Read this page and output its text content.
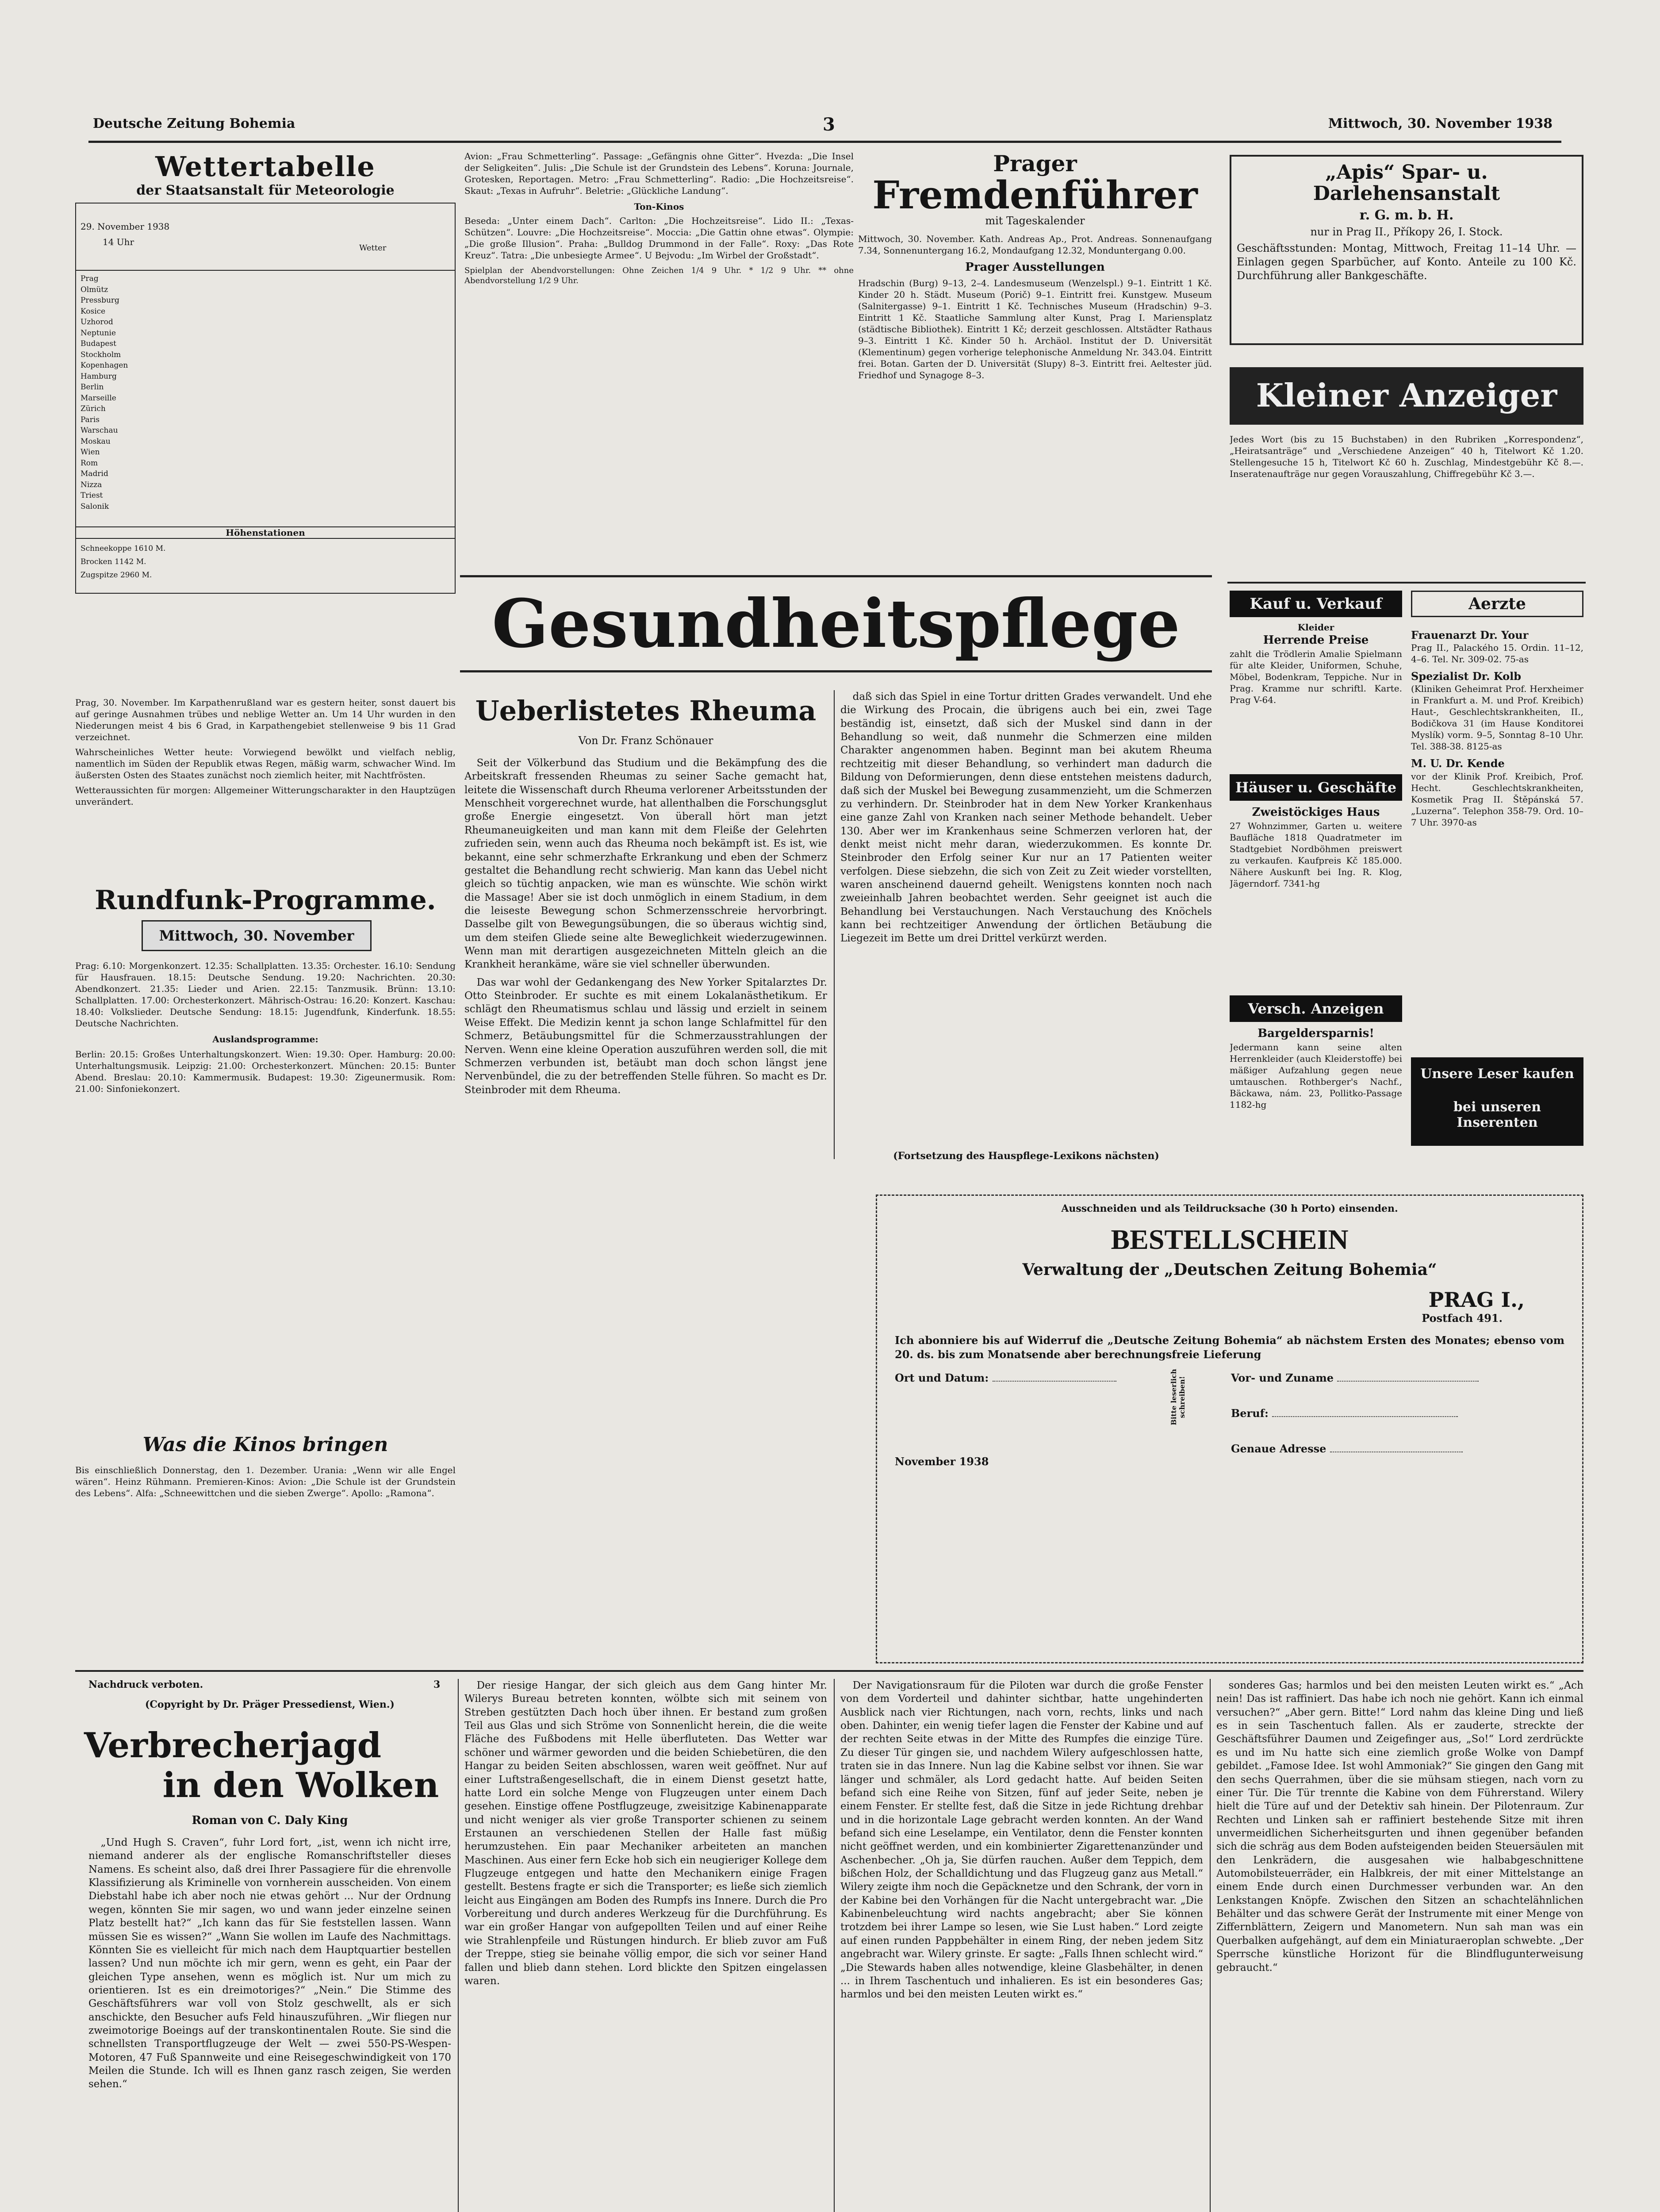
Deutsche Zeitung Bohemia	3	Mittwoch, 30. November 1938
Wettertabelle
der Staatsanstalt für Meteorologie
29. November 1938
14 Uhr
Wetter
Prag
Olmütz
Pressburg
Kosice
Uzhorod
Neptunie
Budapest
Stockholm
Kopenhagen
Hamburg
Berlin
Marseille
Zürich
Paris
Warschau
Moskau
Wien
Rom
Madrid
Nizza
Triest
Salonik
Höhenstationen
Schneekoppe 1610 M.
Brocken 1142 M.
Zugspitze 2960 M.

Prag, 30. November. Im Karpathenrußland war es gestern heiter, sonst dauert bis auf geringe Ausnahmen trübes und neblige Wetter an. Um 14 Uhr wurden in den Niederungen meist 4 bis 6 Grad, in Karpathengebiet stellenweise 9 bis 11 Grad verzeichnet.

Wahrscheinliches Wetter heute: Vorwiegend bewölkt und vielfach neblig, namentlich im Süden der Republik etwas Regen, mäßig warm, schwacher Wind. Im äußersten Osten des Staates zunächst noch ziemlich heiter, mit Nachtfrösten.

Wetteraussichten für morgen: Allgemeiner Witterungscharakter in den Hauptzügen unverändert.

Rundfunk-Programme.
Mittwoch, 30. November

Prag: 6.10: Morgenkonzert. 12.35: Schallplatten. 13.35: Orchester. 16.10: Sendung für Hausfrauen. 18.15: Deutsche Sendung. 19.20: Nachrichten. 20.30: Abendkonzert. 21.35: Lieder und Arien. 22.15: Tanzmusik. Brünn: 13.10: Schallplatten. 17.00: Orchesterkonzert. Mährisch-Ostrau: 16.20: Konzert. Kaschau: 18.40: Volkslieder. Deutsche Sendung: 18.15: Jugendfunk, Kinderfunk. 18.55: Deutsche Nachrichten.

Auslandsprogramme:

Berlin: 20.15: Großes Unterhaltungskonzert. Wien: 19.30: Oper. Hamburg: 20.00: Unterhaltungsmusik. Leipzig: 21.00: Orchesterkonzert. München: 20.15: Bunter Abend. Breslau: 20.10: Kammermusik. Budapest: 19.30: Zigeunermusik. Rom: 21.00: Sinfoniekonzert.

Was die Kinos bringen
Bis einschließlich Donnerstag, den 1. Dezember. Urania: „Wenn wir alle Engel wären“. Heinz Rühmann. Premieren-Kinos: Avion: „Die Schule ist der Grundstein des Lebens“. Alfa: „Schneewittchen und die sieben Zwerge“. Apollo: „Ramona“.

Avion: „Frau Schmetterling“. Passage: „Gefängnis ohne Gitter“. Hvezda: „Die Insel der Seligkeiten“. Julis: „Die Schule ist der Grundstein des Lebens“. Koruna: Journale, Grotesken, Reportagen. Metro: „Frau Schmetterling“. Radio: „Die Hochzeitsreise“. Skaut: „Texas in Aufruhr“. Beletrie: „Glückliche Landung“.

Ton-Kinos

Beseda: „Unter einem Dach“. Carlton: „Die Hochzeitsreise“. Lido II.: „Texas-Schützen“. Louvre: „Die Hochzeitsreise“. Moccia: „Die Gattin ohne etwas“. Olympie: „Die große Illusion“. Praha: „Bulldog Drummond in der Falle“. Roxy: „Das Rote Kreuz“. Tatra: „Die unbesiegte Armee“. U Bejvodu: „Im Wirbel der Großstadt“.

Spielplan der Abendvorstellungen: Ohne Zeichen 1/4 9 Uhr. * 1/2 9 Uhr. ** ohne Abendvorstellung 1/2 9 Uhr.

Prager
Fremdenführer
mit Tageskalender
Mittwoch, 30. November. Kath. Andreas Ap., Prot. Andreas. Sonnenaufgang 7.34, Sonnenuntergang 16.2, Mondaufgang 12.32, Monduntergang 0.00.
Prager Ausstellungen
Hradschin (Burg) 9–13, 2–4. Landesmuseum (Wenzelspl.) 9–1. Eintritt 1 Kč. Kinder 20 h. Städt. Museum (Porič) 9–1. Eintritt frei. Kunstgew. Museum (Salnitergasse) 9–1. Eintritt 1 Kč. Technisches Museum (Hradschin) 9–3. Eintritt 1 Kč. Staatliche Sammlung alter Kunst, Prag I. Mariensplatz (städtische Bibliothek). Eintritt 1 Kč; derzeit geschlossen. Altstädter Rathaus 9–3. Eintritt 1 Kč. Kinder 50 h. Archäol. Institut der D. Universität (Klementinum) gegen vorherige telephonische Anmeldung Nr. 343.04. Eintritt frei. Botan. Garten der D. Universität (Slupy) 8–3. Eintritt frei. Aeltester jüd. Friedhof und Synagoge 8–3.
„Apis“ Spar- u. Darlehensanstalt
r. G. m. b. H.
nur in Prag II., Příkopy 26, I. Stock.
Geschäftsstunden: Montag, Mittwoch, Freitag 11–14 Uhr. — Einlagen gegen Sparbücher, auf Konto. Anteile zu 100 Kč. Durchführung aller Bankgeschäfte.
Kleiner Anzeiger
Jedes Wort (bis zu 15 Buchstaben) in den Rubriken „Korrespondenz“, „Heiratsanträge“ und „Verschiedene Anzeigen“ 40 h, Titelwort Kč 1.20. Stellengesuche 15 h, Titelwort Kč 60 h. Zuschlag, Mindestgebühr Kč 8.—. Inseratenaufträge nur gegen Vorauszahlung, Chiffregebühr Kč 3.—.
Kauf u. Verkauf
Kleider
Herrende Preise
zahlt die Trödlerin Amalie Spielmann für alte Kleider, Uniformen, Schuhe, Möbel, Bodenkram, Teppiche. Nur in Prag. Kramme nur schriftl. Karte. Prag V-64.
Häuser u. Geschäfte
Zweistöckiges Haus
27 Wohnzimmer, Garten u. weitere Baufläche 1818 Quadratmeter im Stadtgebiet Nordböhmen preiswert zu verkaufen. Kaufpreis Kč 185.000. Nähere Auskunft bei Ing. R. Klog, Jägerndorf. 7341-hg
Versch. Anzeigen
Bargeldersparnis!
Jedermann kann seine alten Herrenkleider (auch Kleiderstoffe) bei mäßiger Aufzahlung gegen neue umtauschen. Rothberger's Nachf., Bäckawa, nám. 23, Pollitko-Passage 1182-hg
Aerzte
Frauenarzt Dr. Your
Prag II., Palackého 15. Ordin. 11–12, 4–6. Tel. Nr. 309-02. 75-as
Spezialist Dr. Kolb
(Kliniken Geheimrat Prof. Herxheimer in Frankfurt a. M. und Prof. Kreibich) Haut-, Geschlechtskrankheiten, II., Bodičkova 31 (im Hause Konditorei Myslík) vorm. 9–5, Sonntag 8–10 Uhr. Tel. 388-38. 8125-as
M. U. Dr. Kende
vor der Klinik Prof. Kreibich, Prof. Hecht. Geschlechtskrankheiten, Kosmetik Prag II. Štěpánská 57. „Luzerna“. Telephon 358-79. Ord. 10–7 Uhr. 3970-as
Unsere Leser kaufen
bei unseren Inserenten
Gesundheitspflege
Ueberlistetes Rheuma
Von Dr. Franz Schönauer

Seit der Völkerbund das Studium und die Bekämpfung des die Arbeitskraft fressenden Rheumas zu seiner Sache gemacht hat, leitete die Wissenschaft durch Rheuma verlorener Arbeitsstunden der Menschheit vorgerechnet wurde, hat allenthalben die Forschungsglut große Energie eingesetzt. Von überall hört man jetzt Rheumaneuigkeiten und man kann mit dem Fleiße der Gelehrten zufrieden sein, wenn auch das Rheuma noch bekämpft ist. Es ist, wie bekannt, eine sehr schmerzhafte Erkrankung und eben der Schmerz gestaltet die Behandlung recht schwierig. Man kann das Uebel nicht gleich so tüchtig anpacken, wie man es wünschte. Wie schön wirkt die Massage! Aber sie ist doch unmöglich in einem Stadium, in dem die leiseste Bewegung schon Schmerzensschreie hervorbringt. Dasselbe gilt von Bewegungsübungen, die so überaus wichtig sind, um dem steifen Gliede seine alte Beweglichkeit wiederzugewinnen. Wenn man mit derartigen ausgezeichneten Mitteln gleich an die Krankheit herankäme, wäre sie viel schneller überwunden.

Das war wohl der Gedankengang des New Yorker Spitalarztes Dr. Otto Steinbroder. Er suchte es mit einem Lokalanästhetikum. Er schlägt den Rheumatismus schlau und lässig und erzielt in seinem Weise Effekt. Die Medizin kennt ja schon lange Schlafmittel für den Schmerz, Betäubungsmittel für die Schmerzausstrahlungen der Nerven. Wenn eine kleine Operation auszuführen werden soll, die mit Schmerzen verbunden ist, betäubt man doch schon längst jene Nervenbündel, die zu der betreffenden Stelle führen. So macht es Dr. Steinbroder mit dem Rheuma.

daß sich das Spiel in eine Tortur dritten Grades verwandelt. Und ehe die Wirkung des Procain, die übrigens auch bei ein, zwei Tage beständig ist, einsetzt, daß sich der Muskel sind dann in der Behandlung so weit, daß nunmehr die Schmerzen eine milden Charakter angenommen haben. Beginnt man bei akutem Rheuma rechtzeitig mit dieser Behandlung, so verhindert man dadurch die Bildung von Deformierungen, denn diese entstehen meistens dadurch, daß sich der Muskel bei Bewegung zusammenzieht, um die Schmerzen zu verhindern. Dr. Steinbroder hat in dem New Yorker Krankenhaus eine ganze Zahl von Kranken nach seiner Methode behandelt. Ueber 130. Aber wer im Krankenhaus seine Schmerzen verloren hat, der denkt meist nicht mehr daran, wiederzukommen. Es konnte Dr. Steinbroder den Erfolg seiner Kur nur an 17 Patienten weiter verfolgen. Diese siebzehn, die sich von Zeit zu Zeit wieder vorstellten, waren anscheinend dauernd geheilt. Wenigstens konnten noch nach zweieinhalb Jahren beobachtet werden. Sehr geeignet ist auch die Behandlung bei Verstauchungen. Nach Verstauchung des Knöchels kann bei rechtzeitiger Anwendung der örtlichen Betäubung die Liegezeit im Bette um drei Drittel verkürzt werden.

(Fortsetzung des Hauspflege-Lexikons nächsten)
Ausschneiden und als Teildrucksache (30 h Porto) einsenden.
BESTELLSCHEIN
Verwaltung der „Deutschen Zeitung Bohemia“
PRAG I.,
Postfach 491.
Ich abonniere bis auf Widerruf die „Deutsche Zeitung Bohemia“ ab nächstem Ersten des Monates; ebenso vom 20. ds. bis zum Monatsende aber berechnungsfreie Lieferung
Ort und Datum:	Bitte leserlich schreiben!	Vor- und Zuname
Beruf:
Genaue Adresse
November 1938
Nachdruck verboten.	3
(Copyright by Dr. Präger Pressedienst, Wien.)
Verbrecherjagd
in den Wolken
Roman von C. Daly King

„Und Hugh S. Craven“, fuhr Lord fort, „ist, wenn ich nicht irre, niemand anderer als der englische Romanschriftsteller dieses Namens. Es scheint also, daß drei Ihrer Passagiere für die ehrenvolle Klassifizierung als Kriminelle von vornherein ausscheiden. Von einem Diebstahl habe ich aber noch nie etwas gehört ... Nur der Ordnung wegen, könnten Sie mir sagen, wo und wann jeder einzelne seinen Platz bestellt hat?“ „Ich kann das für Sie feststellen lassen. Wann müssen Sie es wissen?“ „Wann Sie wollen im Laufe des Nachmittags. Könnten Sie es vielleicht für mich nach dem Hauptquartier bestellen lassen? Und nun möchte ich mir gern, wenn es geht, ein Paar der gleichen Type ansehen, wenn es möglich ist. Nur um mich zu orientieren. Ist es ein dreimotoriges?“ „Nein.“ Die Stimme des Geschäftsführers war voll von Stolz geschwellt, als er sich anschickte, den Besucher aufs Feld hinauszuführen. „Wir fliegen nur zweimotorige Boeings auf der transkontinentalen Route. Sie sind die schnellsten Transportflugzeuge der Welt — zwei 550-PS-Wespen-Motoren, 47 Fuß Spannweite und eine Reisegeschwindigkeit von 170 Meilen die Stunde. Ich will es Ihnen ganz rasch zeigen, Sie werden sehen.“

Der riesige Hangar, der sich gleich aus dem Gang hinter Mr. Wilerys Bureau betreten konnten, wölbte sich mit seinem von Streben gestützten Dach hoch über ihnen. Er bestand zum großen Teil aus Glas und sich Ströme von Sonnenlicht herein, die die weite Fläche des Fußbodens mit Helle überfluteten. Das Wetter war schöner und wärmer geworden und die beiden Schiebetüren, die den Hangar zu beiden Seiten abschlossen, waren weit geöffnet. Nur auf einer Luftstraßengesellschaft, die in einem Dienst gesetzt hatte, hatte Lord ein solche Menge von Flugzeugen unter einem Dach gesehen. Einstige offene Postflugzeuge, zweisitzige Kabinenapparate und nicht weniger als vier große Transporter schienen zu seinem Erstaunen an verschiedenen Stellen der Halle fast müßig herumzustehen. Ein paar Mechaniker arbeiteten an manchen Maschinen. Aus einer fern Ecke hob sich ein neugieriger Kollege dem Flugzeuge entgegen und hatte den Mechanikern einige Fragen gestellt. Bestens fragte er sich die Transporter; es ließe sich ziemlich leicht aus Eingängen am Boden des Rumpfs ins Innere. Durch die Pro Vorbereitung und durch anderes Werkzeug für die Durchführung. Es war ein großer Hangar von aufgepollten Teilen und auf einer Reihe wie Strahlenpfeile und Rüstungen hindurch. Er blieb zuvor am Fuß der Treppe, stieg sie beinahe völlig empor, die sich vor seiner Hand fallen und blieb dann stehen. Lord blickte den Spitzen eingelassen waren.

Der Navigationsraum für die Piloten war durch die große Fenster von dem Vorderteil und dahinter sichtbar, hatte ungehinderten Ausblick nach vier Richtungen, nach vorn, rechts, links und nach oben. Dahinter, ein wenig tiefer lagen die Fenster der Kabine und auf der rechten Seite etwas in der Mitte des Rumpfes die einzige Türe. Zu dieser Tür gingen sie, und nachdem Wilery aufgeschlossen hatte, traten sie in das Innere. Nun lag die Kabine selbst vor ihnen. Sie war länger und schmäler, als Lord gedacht hatte. Auf beiden Seiten befand sich eine Reihe von Sitzen, fünf auf jeder Seite, neben je einem Fenster. Er stellte fest, daß die Sitze in jede Richtung drehbar und in die horizontale Lage gebracht werden konnten. An der Wand befand sich eine Leselampe, ein Ventilator, denn die Fenster konnten nicht geöffnet werden, und ein kombinierter Zigarettenanzünder und Aschenbecher. „Oh ja, Sie dürfen rauchen. Außer dem Teppich, dem bißchen Holz, der Schalldichtung und das Flugzeug ganz aus Metall.“ Wilery zeigte ihm noch die Gepäcknetze und den Schrank, der vorn in der Kabine bei den Vorhängen für die Nacht untergebracht war. „Die Kabinenbeleuchtung wird nachts angebracht; aber Sie können trotzdem bei ihrer Lampe so lesen, wie Sie Lust haben.“ Lord zeigte auf einen runden Pappbehälter in einem Ring, der neben jedem Sitz angebracht war. Wilery grinste. Er sagte: „Falls Ihnen schlecht wird.“ „Die Stewards haben alles notwendige, kleine Glasbehälter, in denen ... in Ihrem Taschentuch und inhalieren. Es ist ein besonderes Gas; harmlos und bei den meisten Leuten wirkt es.“

sonderes Gas; harmlos und bei den meisten Leuten wirkt es.“ „Ach nein! Das ist raffiniert. Das habe ich noch nie gehört. Kann ich einmal versuchen?“ „Aber gern. Bitte!“ Lord nahm das kleine Ding und ließ es in sein Taschentuch fallen. Als er zauderte, streckte der Geschäftsführer Daumen und Zeigefinger aus, „So!“ Lord zerdrückte es und im Nu hatte sich eine ziemlich große Wolke von Dampf gebildet. „Famose Idee. Ist wohl Ammoniak?“ Sie gingen den Gang mit den sechs Querrahmen, über die sie mühsam stiegen, nach vorn zu einer Tür. Die Tür trennte die Kabine von dem Führerstand. Wilery hielt die Türe auf und der Detektiv sah hinein. Der Pilotenraum. Zur Rechten und Linken sah er raffiniert bestehende Sitze mit ihren unvermeidlichen Sicherheitsgurten und ihnen gegenüber befanden sich die schräg aus dem Boden aufsteigenden beiden Steuersäulen mit den Lenkrädern, die ausgesahen wie halbabgeschnittene Automobilsteuerräder, ein Halbkreis, der mit einer Mittelstange an einem Ende durch einen Durchmesser verbunden war. An den Lenkstangen Knöpfe. Zwischen den Sitzen an schachtelähnlichen Behälter und das schwere Gerät der Instrumente mit einer Menge von Ziffernblättern, Zeigern und Manometern. Nun sah man was ein Querbalken aufgehängt, auf dem ein Miniaturaeroplan schwebte. „Der Sperrsche künstliche Horizont für die Blindflugunterweisung gebraucht.“
